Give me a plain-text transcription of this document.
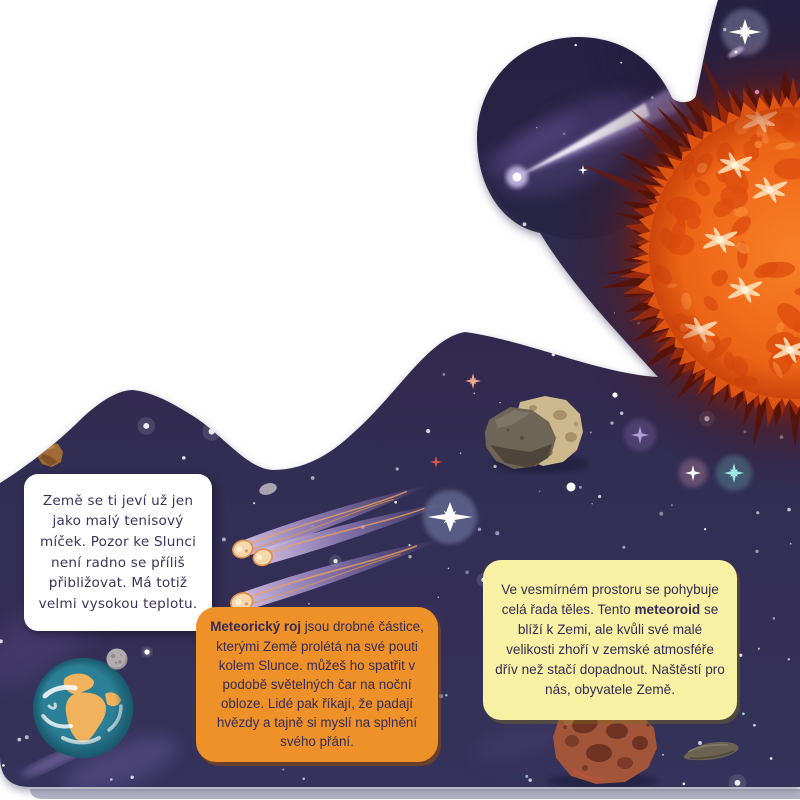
Země se ti jeví už jen jako malý tenisový míček. Pozor ke Slunci není radno se příliš přibližovat. Má totiž velmi vysokou teplotu.

Meteorický roj jsou drobné částice, kterými Země prolétá na své pouti kolem Slunce. můžeš ho spatřit v podobě světelných čar na noční obloze. Lidé pak říkají, že padají hvězdy a tajně si myslí na splnění svého přání.

Ve vesmírném prostoru se pohybuje celá řada těles. Tento meteoroid se blíží k Zemi, ale kvůli své malé velikosti zhoří v zemské atmosféře dřív než stačí dopadnout. Naštěstí pro nás, obyvatele Země.
